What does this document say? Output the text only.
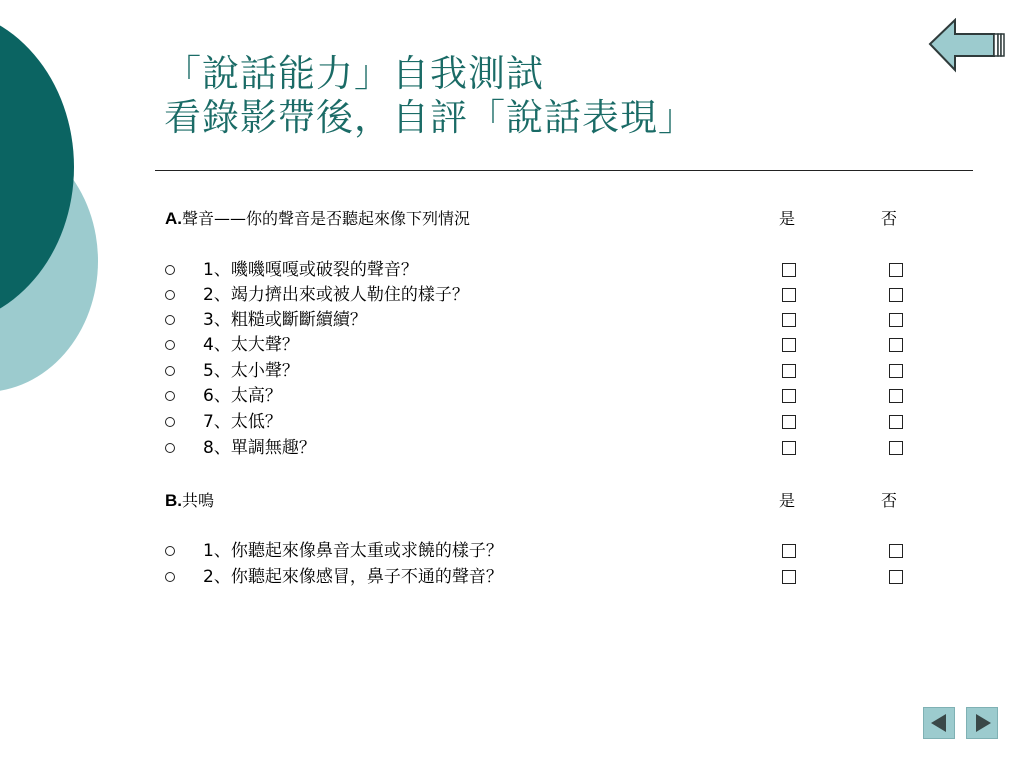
「說話能力」自我測試
看錄影帶後，自評「說話表現」
A.聲音——你的聲音是否聽起來像下列情況	是	否
1、嘰嘰嘎嘎或破裂的聲音？
2、竭力擠出來或被人勒住的樣子？
3、粗糙或斷斷續續？
4、太大聲？
5、太小聲？
6、太高？
7、太低？
8、單調無趣？
B.共鳴	是	否
1、你聽起來像鼻音太重或求饒的樣子？
2、你聽起來像感冒，鼻子不通的聲音？
